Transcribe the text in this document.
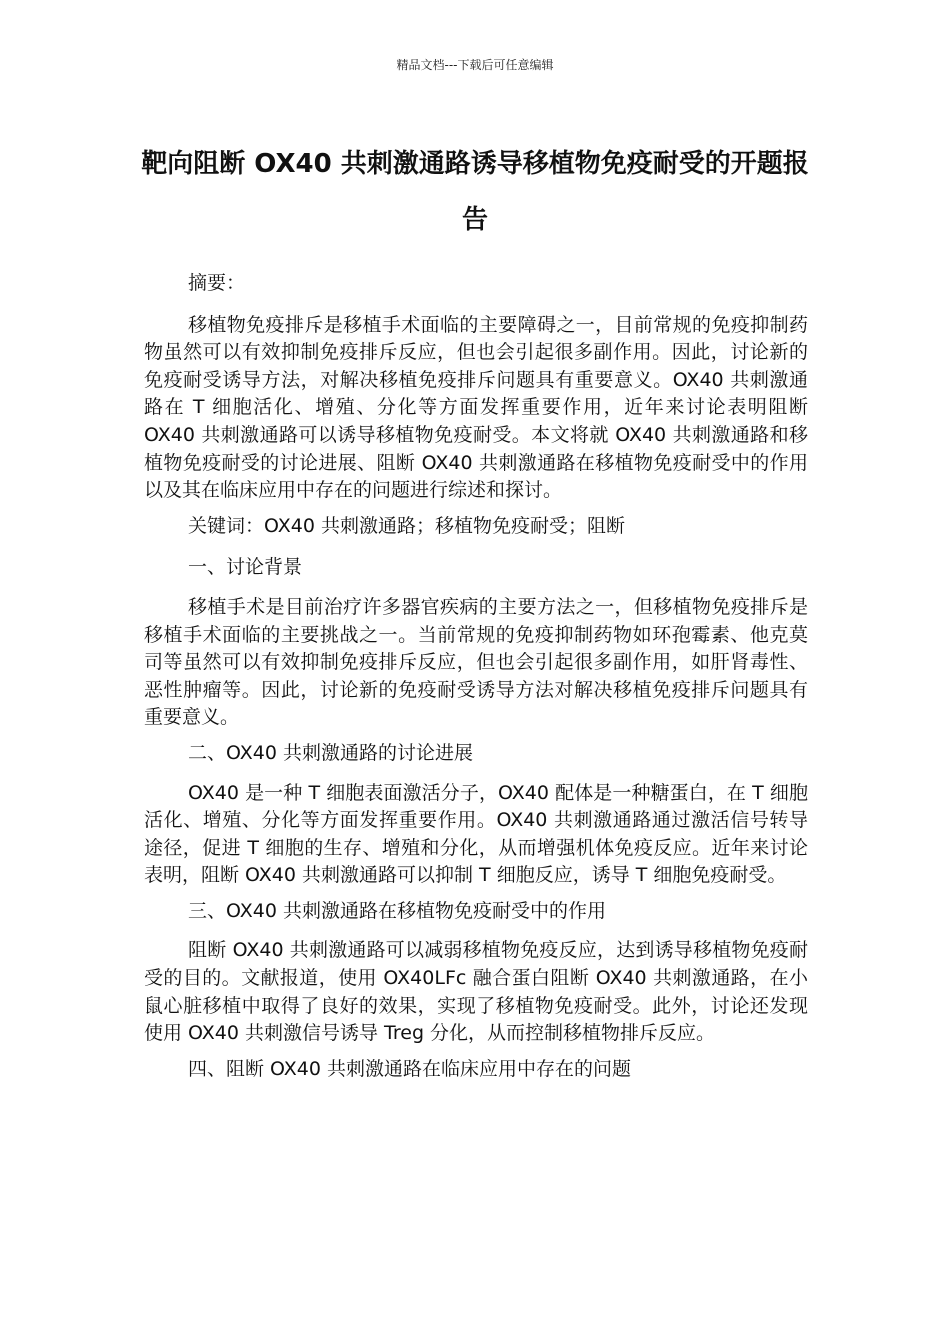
精品文档---下载后可任意编辑
靶向阻断 OX40 共刺激通路诱导移植物免疫耐受的开题报告

摘要：

移植物免疫排斥是移植手术面临的主要障碍之一，目前常规的免疫抑制药物虽然可以有效抑制免疫排斥反应，但也会引起很多副作用。因此，讨论新的免疫耐受诱导方法，对解决移植免疫排斥问题具有重要意义。OX40 共刺激通路在 T 细胞活化、增殖、分化等方面发挥重要作用，近年来讨论表明阻断 OX40 共刺激通路可以诱导移植物免疫耐受。本文将就 OX40 共刺激通路和移植物免疫耐受的讨论进展、阻断 OX40 共刺激通路在移植物免疫耐受中的作用以及其在临床应用中存在的问题进行综述和探讨。

关键词：OX40 共刺激通路；移植物免疫耐受；阻断

一、讨论背景

移植手术是目前治疗许多器官疾病的主要方法之一，但移植物免疫排斥是移植手术面临的主要挑战之一。当前常规的免疫抑制药物如环孢霉素、他克莫司等虽然可以有效抑制免疫排斥反应，但也会引起很多副作用，如肝肾毒性、恶性肿瘤等。因此，讨论新的免疫耐受诱导方法对解决移植免疫排斥问题具有重要意义。

二、OX40 共刺激通路的讨论进展

OX40 是一种 T 细胞表面激活分子，OX40 配体是一种糖蛋白，在 T 细胞活化、增殖、分化等方面发挥重要作用。OX40 共刺激通路通过激活信号转导途径，促进 T 细胞的生存、增殖和分化，从而增强机体免疫反应。近年来讨论表明，阻断 OX40 共刺激通路可以抑制 T 细胞反应，诱导 T 细胞免疫耐受。

三、OX40 共刺激通路在移植物免疫耐受中的作用

阻断 OX40 共刺激通路可以减弱移植物免疫反应，达到诱导移植物免疫耐受的目的。文献报道，使用 OX40LFc 融合蛋白阻断 OX40 共刺激通路，在小鼠心脏移植中取得了良好的效果，实现了移植物免疫耐受。此外，讨论还发现使用 OX40 共刺激信号诱导 Treg 分化，从而控制移植物排斥反应。

四、阻断 OX40 共刺激通路在临床应用中存在的问题
